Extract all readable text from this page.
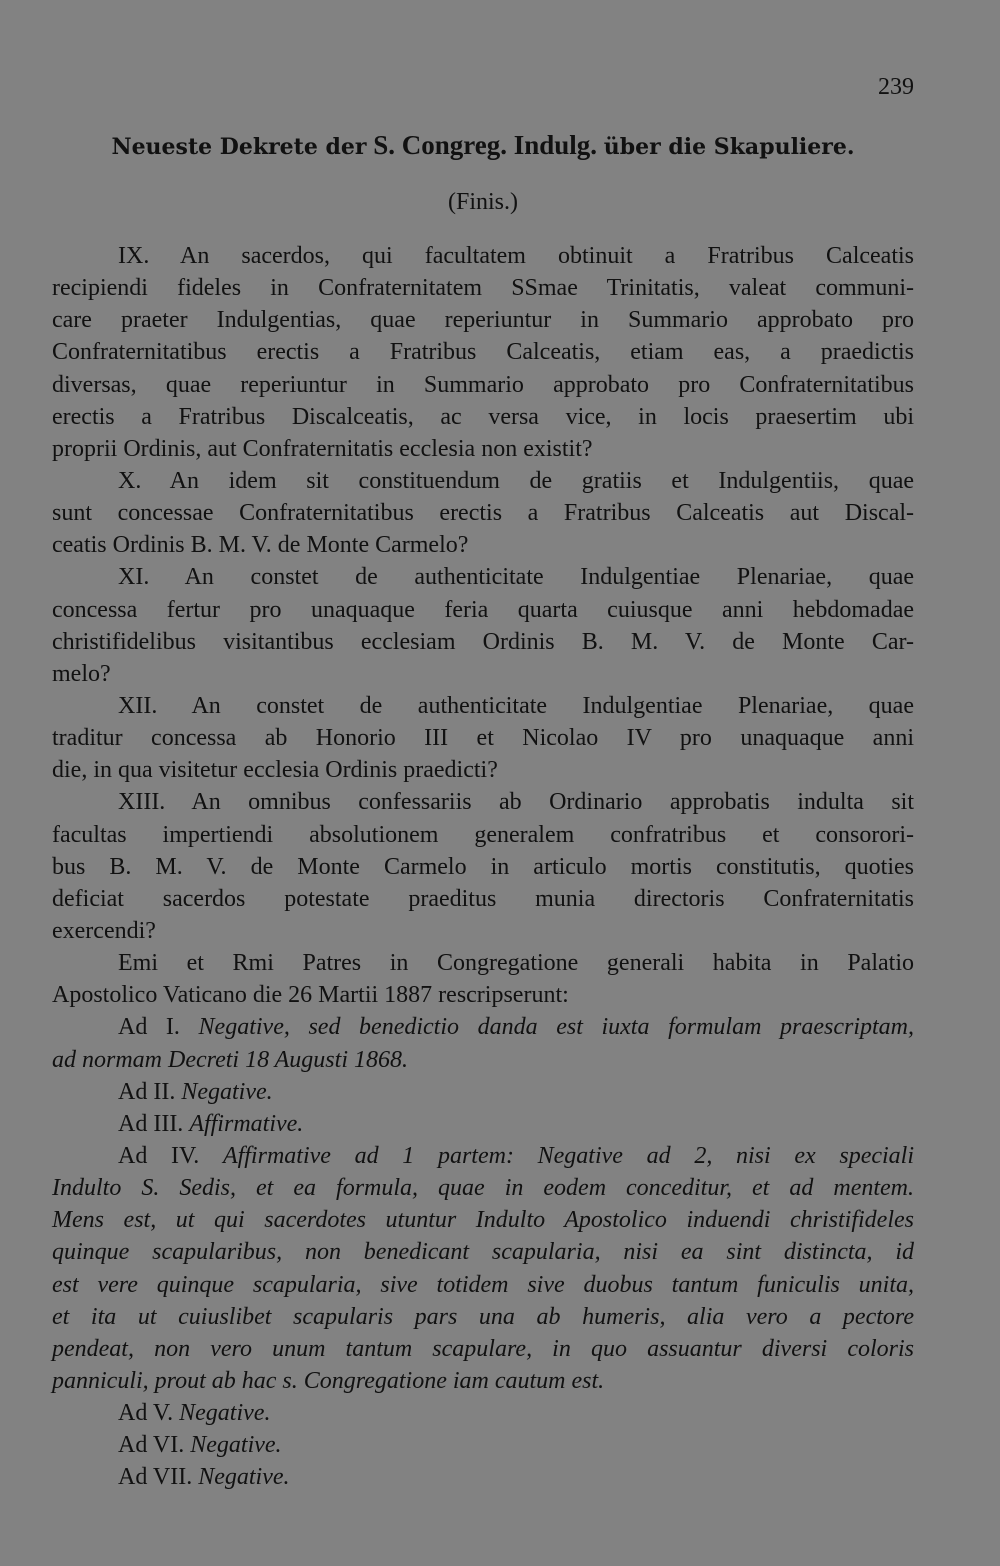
239
Neueste Dekrete der S. Congreg. Indulg. über die Skapuliere.
(Finis.)
IX. An sacerdos, qui facultatem obtinuit a Fratribus Calceatis
recipiendi fideles in Confraternitatem SSmae Trinitatis, valeat communi-
care praeter Indulgentias, quae reperiuntur in Summario approbato pro
Confraternitatibus erectis a Fratribus Calceatis, etiam eas, a praedictis
diversas, quae reperiuntur in Summario approbato pro Confraternitatibus
erectis a Fratribus Discalceatis, ac versa vice, in locis praesertim ubi
proprii Ordinis, aut Confraternitatis ecclesia non existit?
X. An idem sit constituendum de gratiis et Indulgentiis, quae
sunt concessae Confraternitatibus erectis a Fratribus Calceatis aut Discal-
ceatis Ordinis B. M. V. de Monte Carmelo?
XI. An constet de authenticitate Indulgentiae Plenariae, quae
concessa fertur pro unaquaque feria quarta cuiusque anni hebdomadae
christifidelibus visitantibus ecclesiam Ordinis B. M. V. de Monte Car-
melo?
XII. An constet de authenticitate Indulgentiae Plenariae, quae
traditur concessa ab Honorio III et Nicolao IV pro unaquaque anni
die, in qua visitetur ecclesia Ordinis praedicti?
XIII. An omnibus confessariis ab Ordinario approbatis indulta sit
facultas impertiendi absolutionem generalem confratribus et consorori-
bus B. M. V. de Monte Carmelo in articulo mortis constitutis, quoties
deficiat sacerdos potestate praeditus munia directoris Confraternitatis
exercendi?
Emi et Rmi Patres in Congregatione generali habita in Palatio
Apostolico Vaticano die 26 Martii 1887 rescripserunt:
Ad I. Negative, sed benedictio danda est iuxta formulam praescriptam,
ad normam Decreti 18 Augusti 1868.
Ad II. Negative.
Ad III. Affirmative.
Ad IV. Affirmative ad 1 partem: Negative ad 2, nisi ex speciali
Indulto S. Sedis, et ea formula, quae in eodem conceditur, et ad mentem.
Mens est, ut qui sacerdotes utuntur Indulto Apostolico induendi christifideles
quinque scapularibus, non benedicant scapularia, nisi ea sint distincta, id
est vere quinque scapularia, sive totidem sive duobus tantum funiculis unita,
et ita ut cuiuslibet scapularis pars una ab humeris, alia vero a pectore
pendeat, non vero unum tantum scapulare, in quo assuantur diversi coloris
panniculi, prout ab hac s. Congregatione iam cautum est.
Ad V. Negative.
Ad VI. Negative.
Ad VII. Negative.
